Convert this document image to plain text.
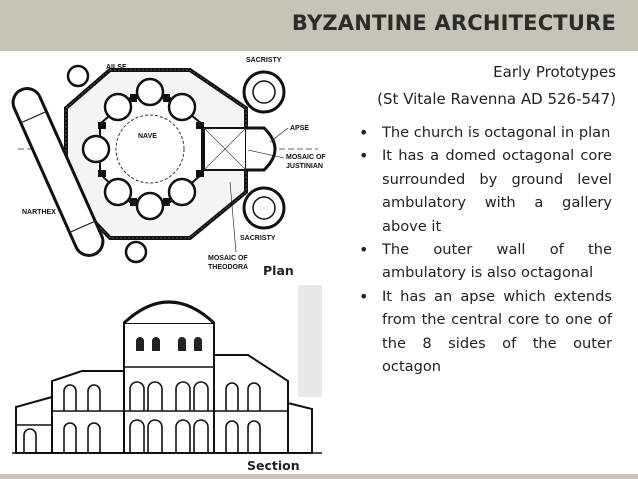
BYZANTINE ARCHITECTURE
Early Prototypes
(St Vitale Ravenna AD 526-547)
• The church is octagonal in plan
• It has a domed octagonal core surrounded by ground level ambulatory with a gallery above it
• The outer wall of the ambulatory is also octagonal
• It has an apse which extends from the central core to one of the 8 sides of the outer octagon
AILSE
SACRISTY
NAVE
APSE
MOSAIC OF
JUSTINIAN
NARTHEX
SACRISTY
MOSAIC OF
THEODORA Plan
Section
